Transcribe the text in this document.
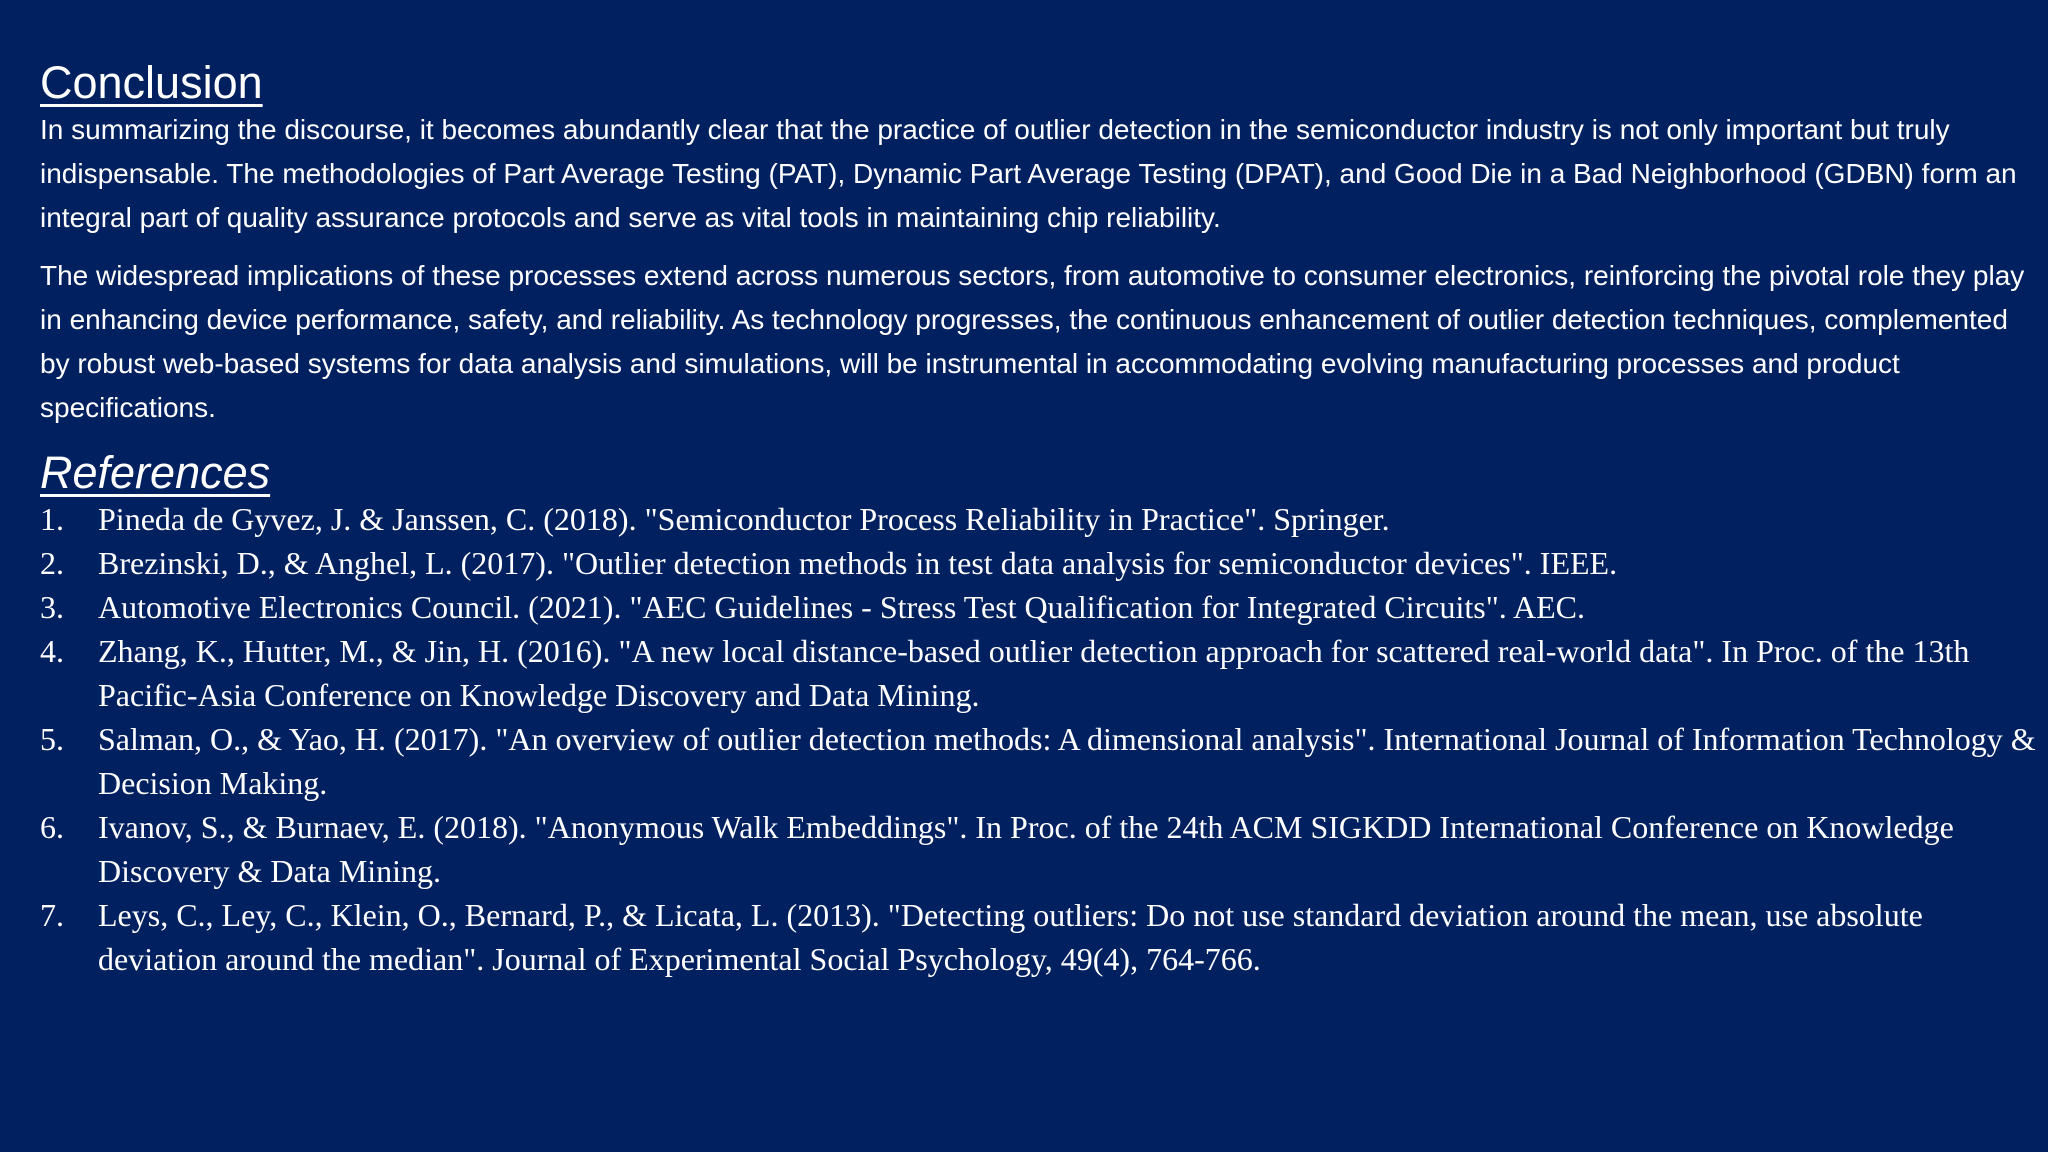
Conclusion

In summarizing the discourse, it becomes abundantly clear that the practice of outlier detection in the semiconductor industry is not only important but truly indispensable. The methodologies of Part Average Testing (PAT), Dynamic Part Average Testing (DPAT), and Good Die in a Bad Neighborhood (GDBN) form an integral part of quality assurance protocols and serve as vital tools in maintaining chip reliability.

The widespread implications of these processes extend across numerous sectors, from automotive to consumer electronics, reinforcing the pivotal role they play in enhancing device performance, safety, and reliability. As technology progresses, the continuous enhancement of outlier detection techniques, complemented by robust web-based systems for data analysis and simulations, will be instrumental in accommodating evolving manufacturing processes and product specifications.

References
1. Pineda de Gyvez, J. & Janssen, C. (2018). "Semiconductor Process Reliability in Practice". Springer.
2. Brezinski, D., & Anghel, L. (2017). "Outlier detection methods in test data analysis for semiconductor devices". IEEE.
3. Automotive Electronics Council. (2021). "AEC Guidelines - Stress Test Qualification for Integrated Circuits". AEC.
4. Zhang, K., Hutter, M., & Jin, H. (2016). "A new local distance-based outlier detection approach for scattered real-world data". In Proc. of the 13th Pacific-Asia Conference on Knowledge Discovery and Data Mining.
5. Salman, O., & Yao, H. (2017). "An overview of outlier detection methods: A dimensional analysis". International Journal of Information Technology & Decision Making.
6. Ivanov, S., & Burnaev, E. (2018). "Anonymous Walk Embeddings". In Proc. of the 24th ACM SIGKDD International Conference on Knowledge Discovery & Data Mining.
7. Leys, C., Ley, C., Klein, O., Bernard, P., & Licata, L. (2013). "Detecting outliers: Do not use standard deviation around the mean, use absolute deviation around the median". Journal of Experimental Social Psychology, 49(4), 764-766.
